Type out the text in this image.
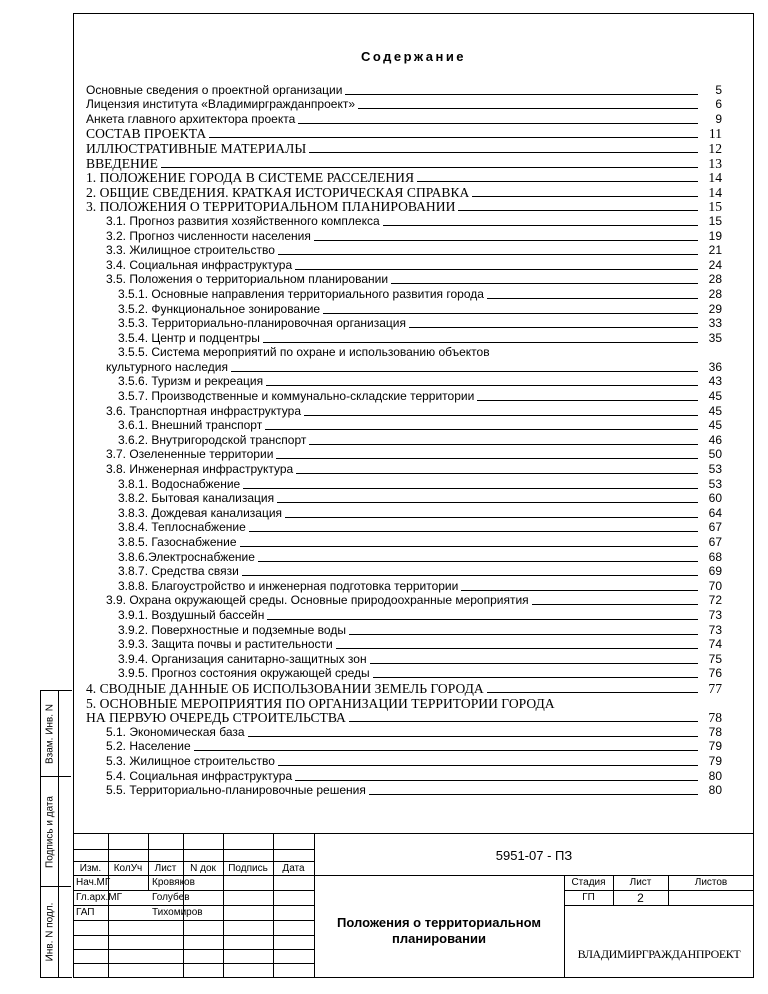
Взам. Инв. N
Подпись и дата
Инв. N подл.
Содержание
Основные сведения о проектной организации	5
Лицензия института «Владимиргражданпроект»	6
Анкета главного архитектора проекта	9
СОСТАВ ПРОЕКТА	11
ИЛЛЮСТРАТИВНЫЕ МАТЕРИАЛЫ	12
ВВЕДЕНИЕ	13
1. ПОЛОЖЕНИЕ ГОРОДА В СИСТЕМЕ РАССЕЛЕНИЯ	14
2. ОБЩИЕ СВЕДЕНИЯ. КРАТКАЯ ИСТОРИЧЕСКАЯ СПРАВКА	14
3. ПОЛОЖЕНИЯ О ТЕРРИТОРИАЛЬНОМ ПЛАНИРОВАНИИ	15
3.1. Прогноз развития хозяйственного комплекса	15
3.2. Прогноз численности населения	19
3.3. Жилищное строительство	21
3.4. Социальная инфраструктура	24
3.5. Положения о территориальном планировании	28
3.5.1. Основные направления территориального развития города	28
3.5.2. Функциональное зонирование	29
3.5.3. Территориально-планировочная организация	33
3.5.4. Центр и подцентры	35
3.5.5. Система мероприятий по охране и использованию объектов
культурного наследия	36
3.5.6. Туризм и рекреация	43
3.5.7. Производственные и коммунально-складские территории	45
3.6. Транспортная инфраструктура	45
3.6.1. Внешний транспорт	45
3.6.2. Внутригородской транспорт	46
3.7. Озелененные территории	50
3.8. Инженерная инфраструктура	53
3.8.1. Водоснабжение	53
3.8.2. Бытовая канализация	60
3.8.3. Дождевая канализация	64
3.8.4. Теплоснабжение	67
3.8.5. Газоснабжение	67
3.8.6.Электроснабжение	68
3.8.7. Средства связи	69
3.8.8. Благоустройство и инженерная подготовка территории	70
3.9. Охрана окружающей среды. Основные природоохранные мероприятия	72
3.9.1. Воздушный бассейн	73
3.9.2. Поверхностные и подземные воды	73
3.9.3. Защита почвы и растительности	74
3.9.4. Организация санитарно-защитных зон	75
3.9.5. Прогноз состояния окружающей среды	76
4. СВОДНЫЕ ДАННЫЕ ОБ ИСПОЛЬЗОВАНИИ ЗЕМЕЛЬ ГОРОДА	77
5. ОСНОВНЫЕ МЕРОПРИЯТИЯ ПО ОРГАНИЗАЦИИ ТЕРРИТОРИИ ГОРОДА
НА ПЕРВУЮ ОЧЕРЕДЬ СТРОИТЕЛЬСТВА	78
5.1. Экономическая база	78
5.2. Население	79
5.3. Жилищное строительство	79
5.4. Социальная инфраструктура	80
5.5. Территориально-планировочные решения	80
5951-07 - ПЗ
Изм.	КолУч	Лист	N док	Подпись	Дата
Нач.МГ	Кровяков
Гл.арх.МГ	Голубев
ГАП	Тихомиров
Положения о территориальном планировании
Стадия	Лист	Листов
ГП	2
ВЛАДИМИРГРАЖДАНПРОЕКТ
